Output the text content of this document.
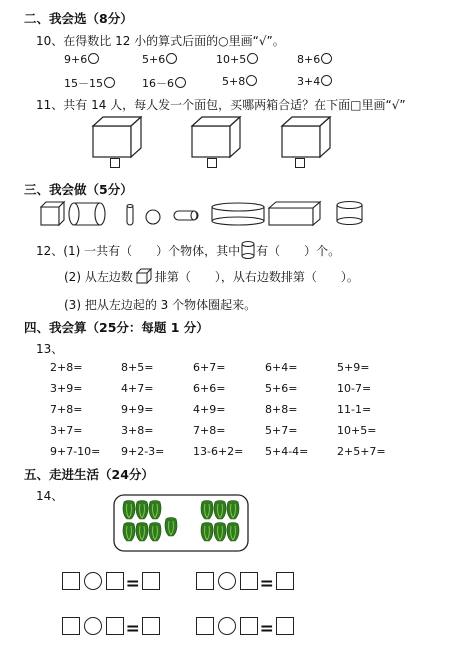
二、我会选（8分）
10、在得数比 12 小的算式后面的○里画“√”。
9+6	5+6	10+5	8+6
15－15	16－6	5+8	3+4
11、共有 14 人，每人发一个面包，买哪两箱合适？在下面□里画“√”
三、我会做（5分）
12、(1) 一共有（　　）个物体，其中 有（　　）个。
(2) 从左边数 排第（　　），从右边数排第（　　）。
(3) 把从左边起的 3 个物体圈起来。
四、我会算（25分：每题 1 分）
13、
2+8=	8+5=	6+7=	6+4=	5+9=
3+9=	4+7=	6+6=	5+6=	10-7=
7+8=	9+9=	4+9=	8+8=	11-1=
3+7=	3+8=	7+8=	5+7=	10+5=
9+7-10= 9+2-3=	13-6+2= 5+4-4=	2+5+7=
五、走进生活（24分）
14、
=	=
=	=
